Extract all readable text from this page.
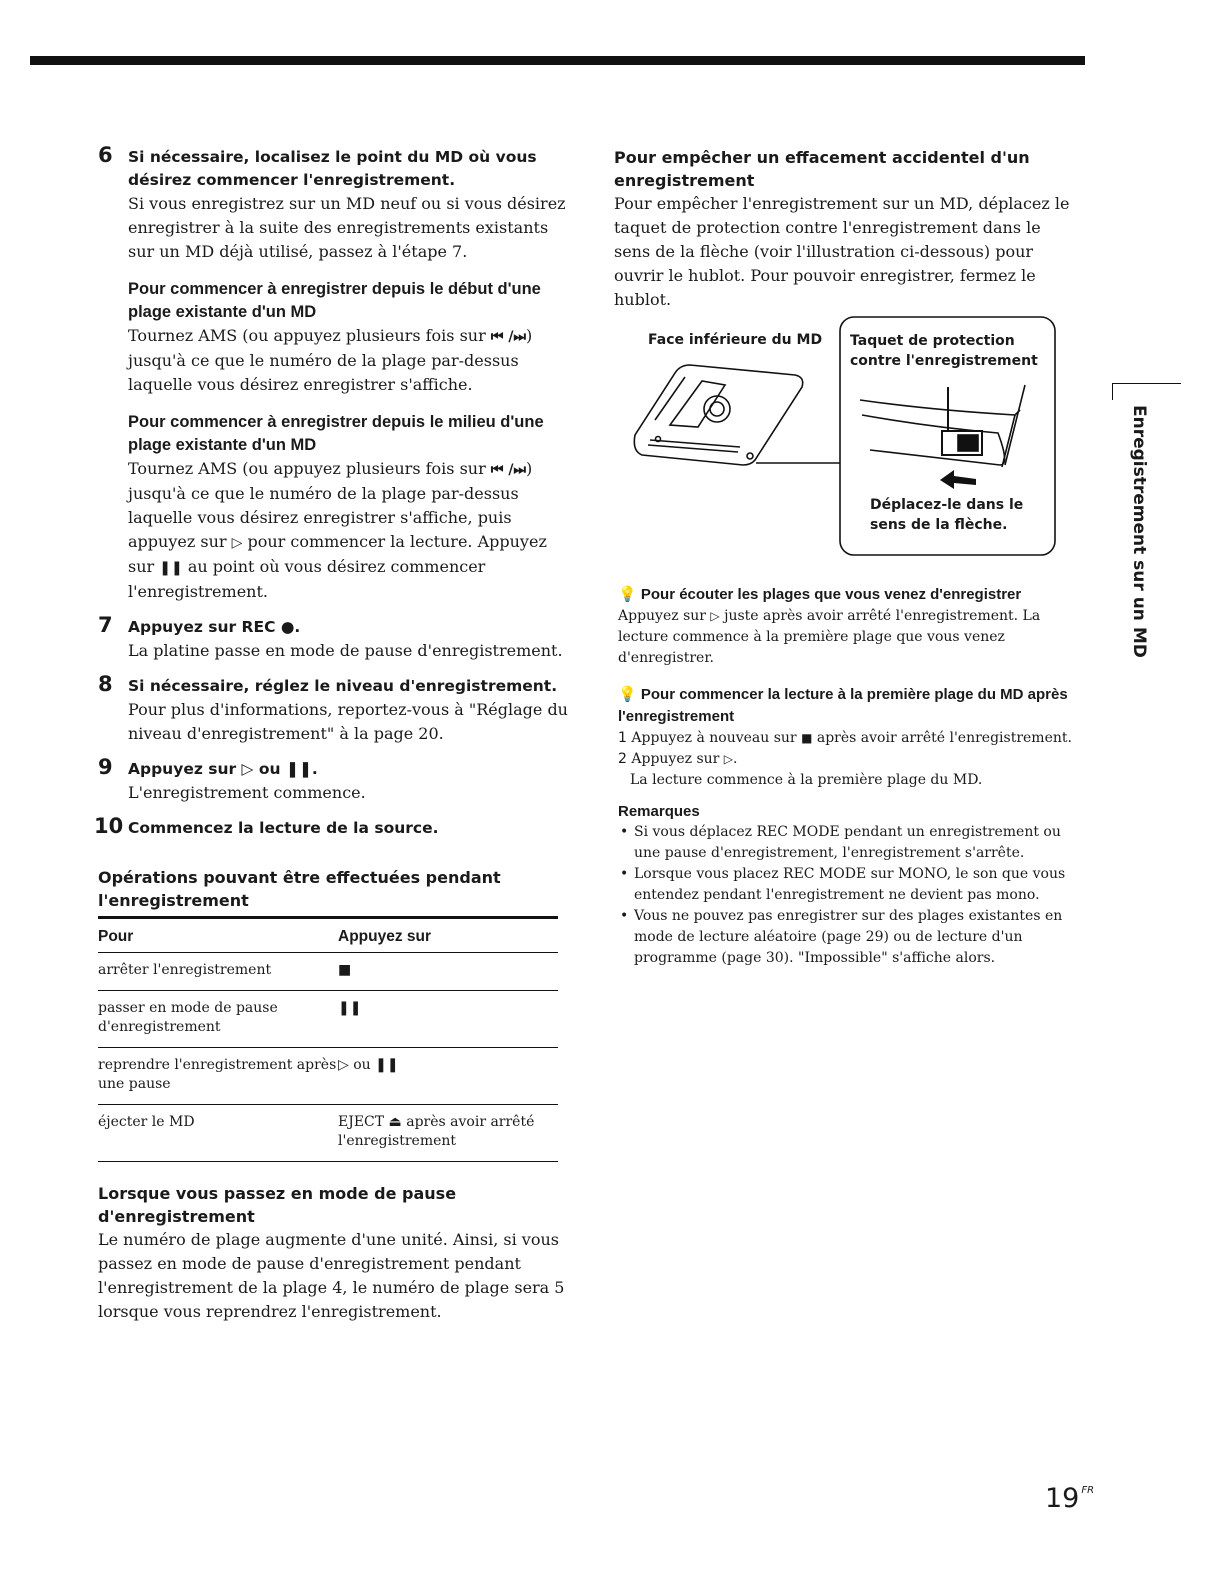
6 Si nécessaire, localisez le point du MD où vous désirez commencer l'enregistrement.
Si vous enregistrez sur un MD neuf ou si vous désirez enregistrer à la suite des enregistrements existants sur un MD déjà utilisé, passez à l'étape 7.
Pour commencer à enregistrer depuis le début d'une plage existante d'un MD
Tournez AMS (ou appuyez plusieurs fois sur ⏮ /⏭) jusqu'à ce que le numéro de la plage par-dessus laquelle vous désirez enregistrer s'affiche.
Pour commencer à enregistrer depuis le milieu d'une plage existante d'un MD
Tournez AMS (ou appuyez plusieurs fois sur ⏮ /⏭) jusqu'à ce que le numéro de la plage par-dessus laquelle vous désirez enregistrer s'affiche, puis appuyez sur ▷ pour commencer la lecture. Appuyez sur ❚❚ au point où vous désirez commencer l'enregistrement.
7 Appuyez sur REC ●.
La platine passe en mode de pause d'enregistrement.
8 Si nécessaire, réglez le niveau d'enregistrement.
Pour plus d'informations, reportez-vous à "Réglage du niveau d'enregistrement" à la page 20.
9 Appuyez sur ▷ ou ❚❚.
L'enregistrement commence.
10 Commencez la lecture de la source.
Opérations pouvant être effectuées pendant l'enregistrement
Pour	Appuyez sur
arrêter l'enregistrement	■
passer en mode de pause d'enregistrement	❚❚
reprendre l'enregistrement après une pause	▷ ou ❚❚
éjecter le MD	EJECT ⏏ après avoir arrêté l'enregistrement
Lorsque vous passez en mode de pause d'enregistrement
Le numéro de plage augmente d'une unité. Ainsi, si vous passez en mode de pause d'enregistrement pendant l'enregistrement de la plage 4, le numéro de plage sera 5 lorsque vous reprendrez l'enregistrement.
Pour empêcher un effacement accidentel d'un enregistrement
Pour empêcher l'enregistrement sur un MD, déplacez le taquet de protection contre l'enregistrement dans le sens de la flèche (voir l'illustration ci-dessous) pour ouvrir le hublot. Pour pouvoir enregistrer, fermez le hublot.
Face inférieure du MD	Taquet de protection contre l'enregistrement
Déplacez-le dans le sens de la flèche.
💡 Pour écouter les plages que vous venez d'enregistrer
Appuyez sur ▷ juste après avoir arrêté l'enregistrement. La lecture commence à la première plage que vous venez d'enregistrer.
💡 Pour commencer la lecture à la première plage du MD après l'enregistrement
1 Appuyez à nouveau sur ■ après avoir arrêté l'enregistrement.
2 Appuyez sur ▷.
La lecture commence à la première plage du MD.
Remarques
• Si vous déplacez REC MODE pendant un enregistrement ou une pause d'enregistrement, l'enregistrement s'arrête.
• Lorsque vous placez REC MODE sur MONO, le son que vous entendez pendant l'enregistrement ne devient pas mono.
• Vous ne pouvez pas enregistrer sur des plages existantes en mode de lecture aléatoire (page 29) ou de lecture d'un programme (page 30). "Impossible" s'affiche alors.
Enregistrement sur un MD
19 $^{FR}$
